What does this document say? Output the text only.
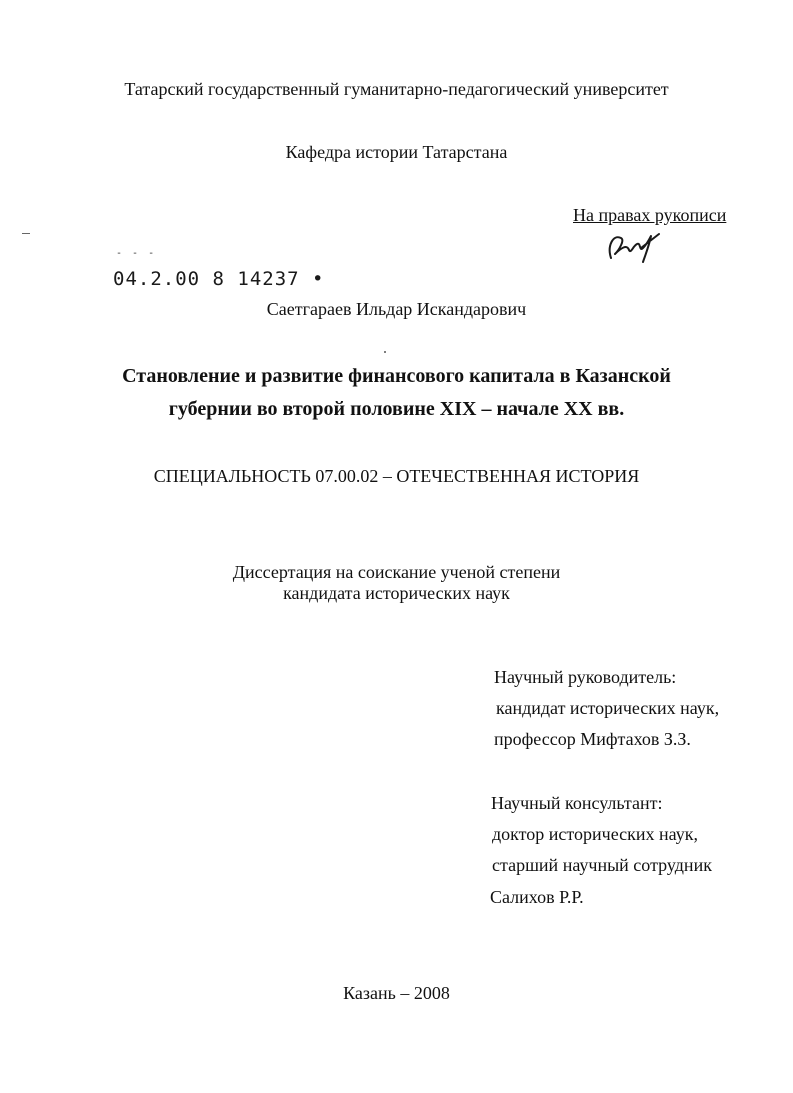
Татарский государственный гуманитарно-педагогический университет
Кафедра истории Татарстана
На правах рукописи
- - -
04.2.00 8 14237 •
Саетгараев Ильдар Искандарович
Становление и развитие финансового капитала в Казанской
губернии во второй половине XIX – начале XX вв.
СПЕЦИАЛЬНОСТЬ 07.00.02 – ОТЕЧЕСТВЕННАЯ ИСТОРИЯ
Диссертация на соискание ученой степени
кандидата исторических наук
Научный руководитель:
кандидат исторических наук,
профессор Мифтахов З.З.
Научный консультант:
доктор исторических наук,
старший научный сотрудник
Салихов Р.Р.
Казань – 2008
